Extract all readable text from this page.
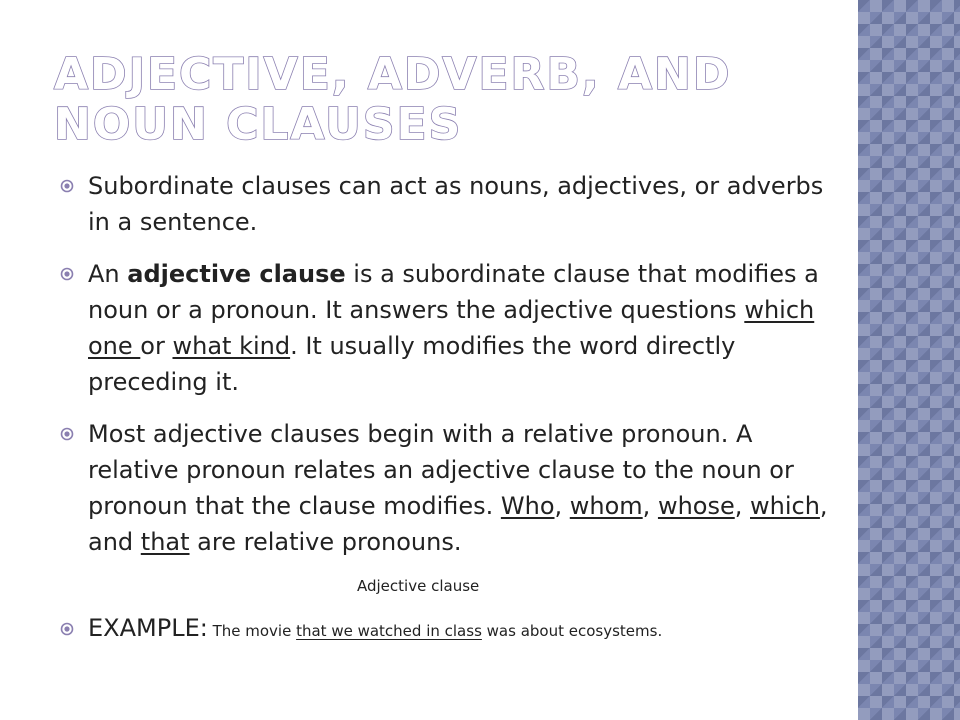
ADJECTIVE, ADVERB, AND NOUN CLAUSES
Subordinate clauses can act as nouns, adjectives, or adverbs in a sentence.
An adjective clause is a subordinate clause that modifies a noun or a pronoun. It answers the adjective questions which one or what kind. It usually modifies the word directly preceding it.
Most adjective clauses begin with a relative pronoun. A relative pronoun relates an adjective clause to the noun or pronoun that the clause modifies. Who, whom, whose, which, and that are relative pronouns.
Adjective clause
EXAMPLE: The movie that we watched in class was about ecosystems.
